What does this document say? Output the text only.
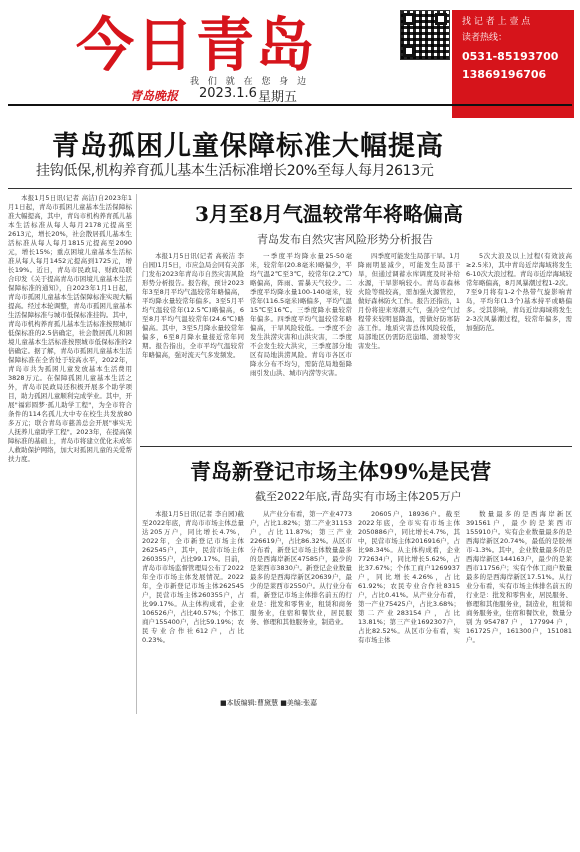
今日青岛
我 们 就 在 您 身 边
青岛晚报 2023.1.6 星期五
找 记 者 上 壹 点
读者热线：
0531-85193700
13869196706
青岛孤困儿童保障标准大幅提高
挂钩低保,机构养育孤儿基本生活标准增长20%至每人每月2613元

本报1月5日讯(记者 高洁)自2023年1月1日起，青岛市孤困儿童基本生活保障标准大幅提高，其中，青岛市机构养育孤儿基本生活标准从每人每月2178元提高至2613元，增长20%，社会散居孤儿基本生活标准从每人每月1815元提高至2090元，增长15%；重点困境儿童基本生活标准从每人每月1452元提高到1725元，增长19%。近日，青岛市民政局、财政局联合印发《关于提高青岛市困境儿童基本生活保障标准的通知》，自2023年1月1日起，青岛市孤困儿童基本生活保障标准实现大幅提高。经过本轮调整，青岛市孤困儿童基本生活保障标准与城市低保标准挂钩。其中，青岛市机构养育孤儿基本生活标准按照城市低保标准的2.5倍确定，社会散居孤儿和困境儿童基本生活标准按照城市低保标准的2倍确定。据了解，青岛市孤困儿童基本生活保障标准在全省处于较高水平，2022年，青岛市共为孤困儿童发放基本生活费用3828万元。在保障孤困儿童基本生活之外，青岛市民政局还积极开展多个助学项目，助力孤困儿童顺利完成学业。其中，开展"福彩圆梦·孤儿助学工程"，为全市符合条件的114名孤儿大中专在校生共发放80多万元；联合青岛市慈善总会开展"事实无人抚养儿童助学工程"。2023年，在提高保障标准的基础上，青岛市将建立优化未成年人救助保护网络，加大对孤困儿童的关爱帮扶力度。

3月至8月气温较常年将略偏高
青岛发布自然灾害风险形势分析报告

本报1月5日讯(记者 高莜洁 李自园)1月5日，市应急局会同有关部门发布2023年青岛市自然灾害风险形势分析报告。报告称，预计2023年3至8月平均气温较常年略偏高，平均降水量较常年偏多。3至5月平均气温较常年(12.5℃)略偏高，6至8月平均气温较常年(24.6℃)略偏高。其中，3至5月降水量较常年偏多，6至8月降水量接近常年同期。报告指出，全市平均气温较常年略偏高，强对流天气多发频发。

一季度平均降水量25-50毫米，较常年(20.8毫米)略偏少，平均气温2℃至3℃，较常年(2.2℃)略偏高，阵雨、雷暴天气较少。二季度平均降水量100-140毫米，较常年(116.5毫米)略偏多，平均气温15℃至16℃。三季度降水量较常年偏多。四季度平均气温较常年略偏高，干旱风险较低。一季度不会发生洪涝灾害和山洪灾害，二季度不会发生较大洪灾，三季度部分地区有局地洪涝风险。青岛市各区市降水分布不均匀，需防范局地强降雨引发山洪、城市内涝等灾害。

四季度可能发生局部干旱。1月降雨明显减少，可能发生局部干旱，但通过调蓄水库调度及时补给水源，干旱影响较小。青岛市森林火险等级较高，需加强火源管控，做好森林防火工作。报告还指出，1月份将迎来寒潮天气，强冷空气过程带来较明显降温，需做好防寒防冻工作。地质灾害总体风险较低，局部地区仍需防范崩塌、滑坡等灾害发生。

5次大浪及以上过程(有效波高≥2.5米)，其中青岛近岸海域将发生6-10次大浪过程。青岛市近岸海域较常年略偏高，8月风暴潮过程1-2次。7至9月将有1-2个热带气旋影响青岛，平均年(1.3个)基本持平或略偏多。受其影响，青岛近岸海域将发生2-3次风暴潮过程，较常年偏多，需加强防范。

青岛新登记市场主体99%是民营
截至2022年底,青岛实有市场主体205万户

本报1月5日讯(记者 李自园)截至2022年底，青岛市市场主体总量达205万户，同比增长4.7%，2022年，全市新登记市场主体262545户，其中，民营市场主体260355户，占比99.17%。目前，青岛市市场监督管理局公布了2022年全市市场主体发展情况。2022年，全市新登记市场主体262545户，民营市场主体260355户，占比99.17%。从主体构成看，企业106526户，占比40.57%；个体工商户155400户，占比59.19%；农民专业合作社612户，占比0.23%。

从产业分布看，第一产业4773户，占比1.82%；第二产业31153户，占比11.87%；第三产业226619户，占比86.32%。从区市分布看，新登记市场主体数量最多的是西海岸新区47585户，最少的是莱西市3830户。新登记企业数量最多的是西海岸新区20639户，最少的是莱西市2550户。从行业分布看，新登记市场主体排名前五的行业是：批发和零售业，租赁和商务服务业，住宿和餐饮业，居民服务、修理和其他服务业，制造业。

20605户，18936户。截至2022年底，全市实有市场主体2050886户，同比增长4.7%，其中，民营市场主体2016916户，占比98.34%。从主体构成看，企业772634户，同比增长5.62%，占比37.67%；个体工商户1269937户，同比增长4.26%，占比61.92%；农民专业合作社8315户，占比0.41%。从产业分布看，第一产业75425户，占比3.68%；第二产业283154户，占比13.81%；第三产业1692307户，占比82.52%。从区市分布看，实有市场主体

数量最多的是西海岸新区391561户，最少的是莱西市155910户。实有企业数量最多的是西海岸新区20.74%，最低的是胶州市-1.3%。其中，企业数量最多的是西海岸新区144163户，最少的是莱西市11756户；实有个体工商户数量最多的是西海岸新区17.51%。从行业分布看，实有市场主体排名前五的行业是：批发和零售业，居民服务、修理和其他服务业，制造业，租赁和商务服务业，住宿和餐饮业，数量分别为954787户，177994户，161725户，161300户，151081户。

■本版编辑:曹黛慧 ■美编:张嘉
